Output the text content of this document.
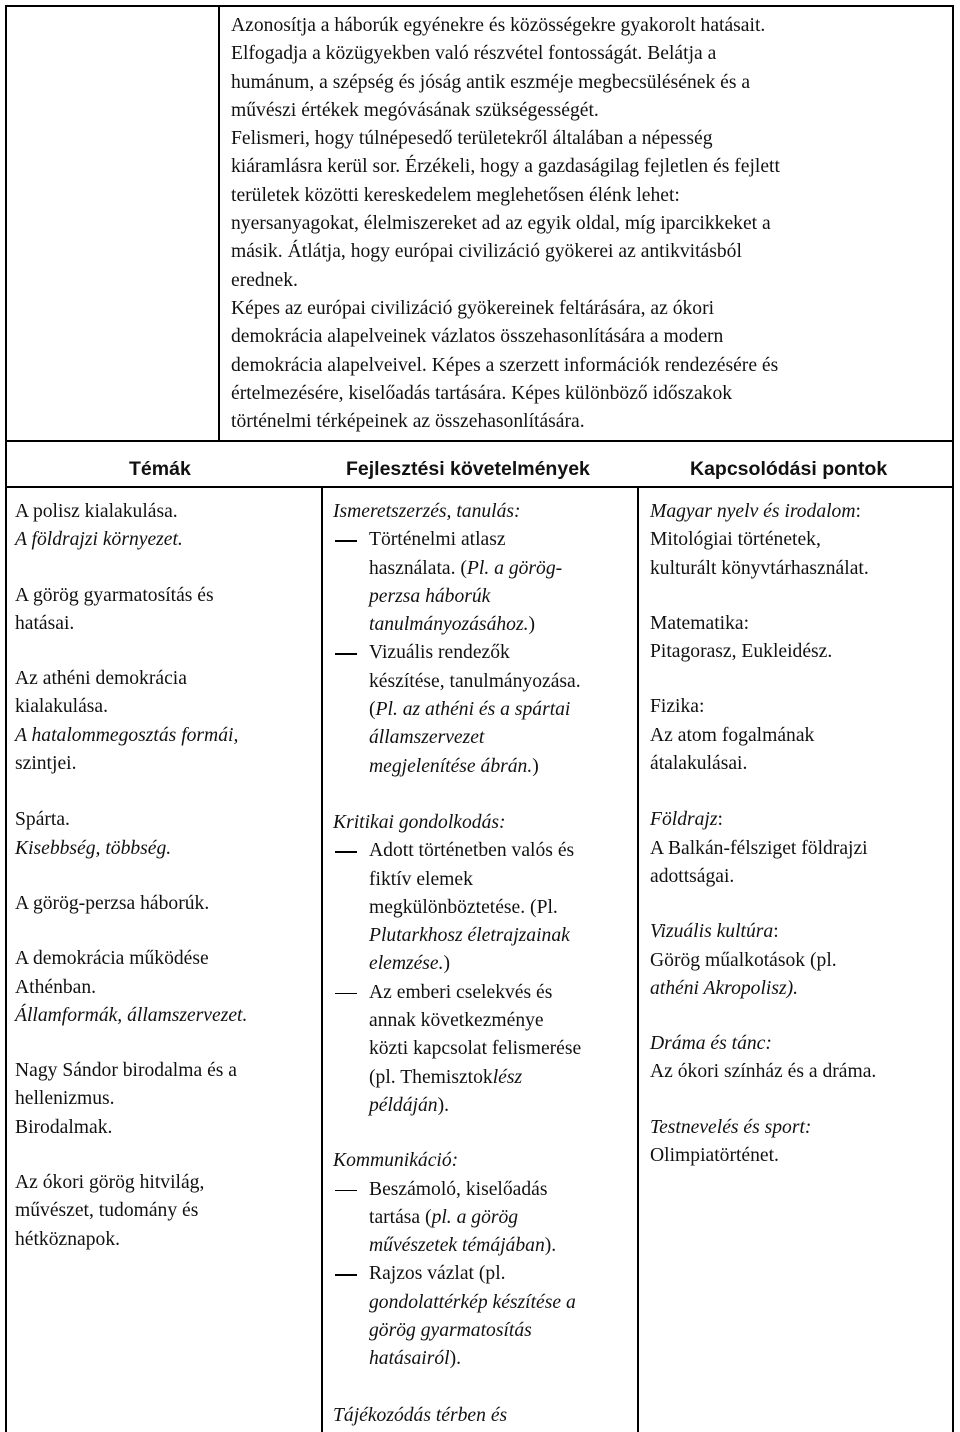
Azonosítja a háborúk egyénekre és közösségekre gyakorolt hatásait.
Elfogadja a közügyekben való részvétel fontosságát. Belátja a
humánum, a szépség és jóság antik eszméje megbecsülésének és a
művészi értékek megóvásának szükségességét.
Felismeri, hogy túlnépesedő területekről általában a népesség
kiáramlásra kerül sor. Érzékeli, hogy a gazdaságilag fejletlen és fejlett
területek közötti kereskedelem meglehetősen élénk lehet:
nyersanyagokat, élelmiszereket ad az egyik oldal, míg iparcikkeket a
másik. Átlátja, hogy európai civilizáció gyökerei az antikvitásból
erednek.
Képes az európai civilizáció gyökereinek feltárására, az ókori
demokrácia alapelveinek vázlatos összehasonlítására a modern
demokrácia alapelveivel. Képes a szerzett információk rendezésére és
értelmezésére, kiselőadás tartására. Képes különböző időszakok
történelmi térképeinek az összehasonlítására.
Témák	Fejlesztési követelmények	Kapcsolódási pontok
A polisz kialakulása.
A földrajzi környezet.
A görög gyarmatosítás és
hatásai.
Az athéni demokrácia
kialakulása.
A hatalommegosztás formái,
szintjei.
Spárta.
Kisebbség, többség.
A görög-perzsa háborúk.
A demokrácia működése
Athénban.
Államformák, államszervezet.
Nagy Sándor birodalma és a
hellenizmus.
Birodalmak.
Az ókori görög hitvilág,
művészet, tudomány és
hétköznapok.
Ismeretszerzés, tanulás:
Történelmi atlasz
használata. (Pl. a görög-
perzsa háborúk
tanulmányozásához.)
Vizuális rendezők
készítése, tanulmányozása.
(Pl. az athéni és a spártai
államszervezet
megjelenítése ábrán.)
Kritikai gondolkodás:
Adott történetben valós és
fiktív elemek
megkülönböztetése. (Pl.
Plutarkhosz életrajzainak
elemzése.)
Az emberi cselekvés és
annak következménye
közti kapcsolat felismerése
(pl. Themisztoklész
példáján).
Kommunikáció:
Beszámoló, kiselőadás
tartása (pl. a görög
művészetek témájában).
Rajzos vázlat (pl.
gondolattérkép készítése a
görög gyarmatosítás
hatásairól).
Tájékozódás térben és
Magyar nyelv és irodalom:
Mitológiai történetek,
kulturált könyvtárhasználat.
Matematika:
Pitagorasz, Eukleidész.
Fizika:
Az atom fogalmának
átalakulásai.
Földrajz:
A Balkán-félsziget földrajzi
adottságai.
Vizuális kultúra:
Görög műalkotások (pl.
athéni Akropolisz).
Dráma és tánc:
Az ókori színház és a dráma.
Testnevelés és sport:
Olimpiatörténet.
